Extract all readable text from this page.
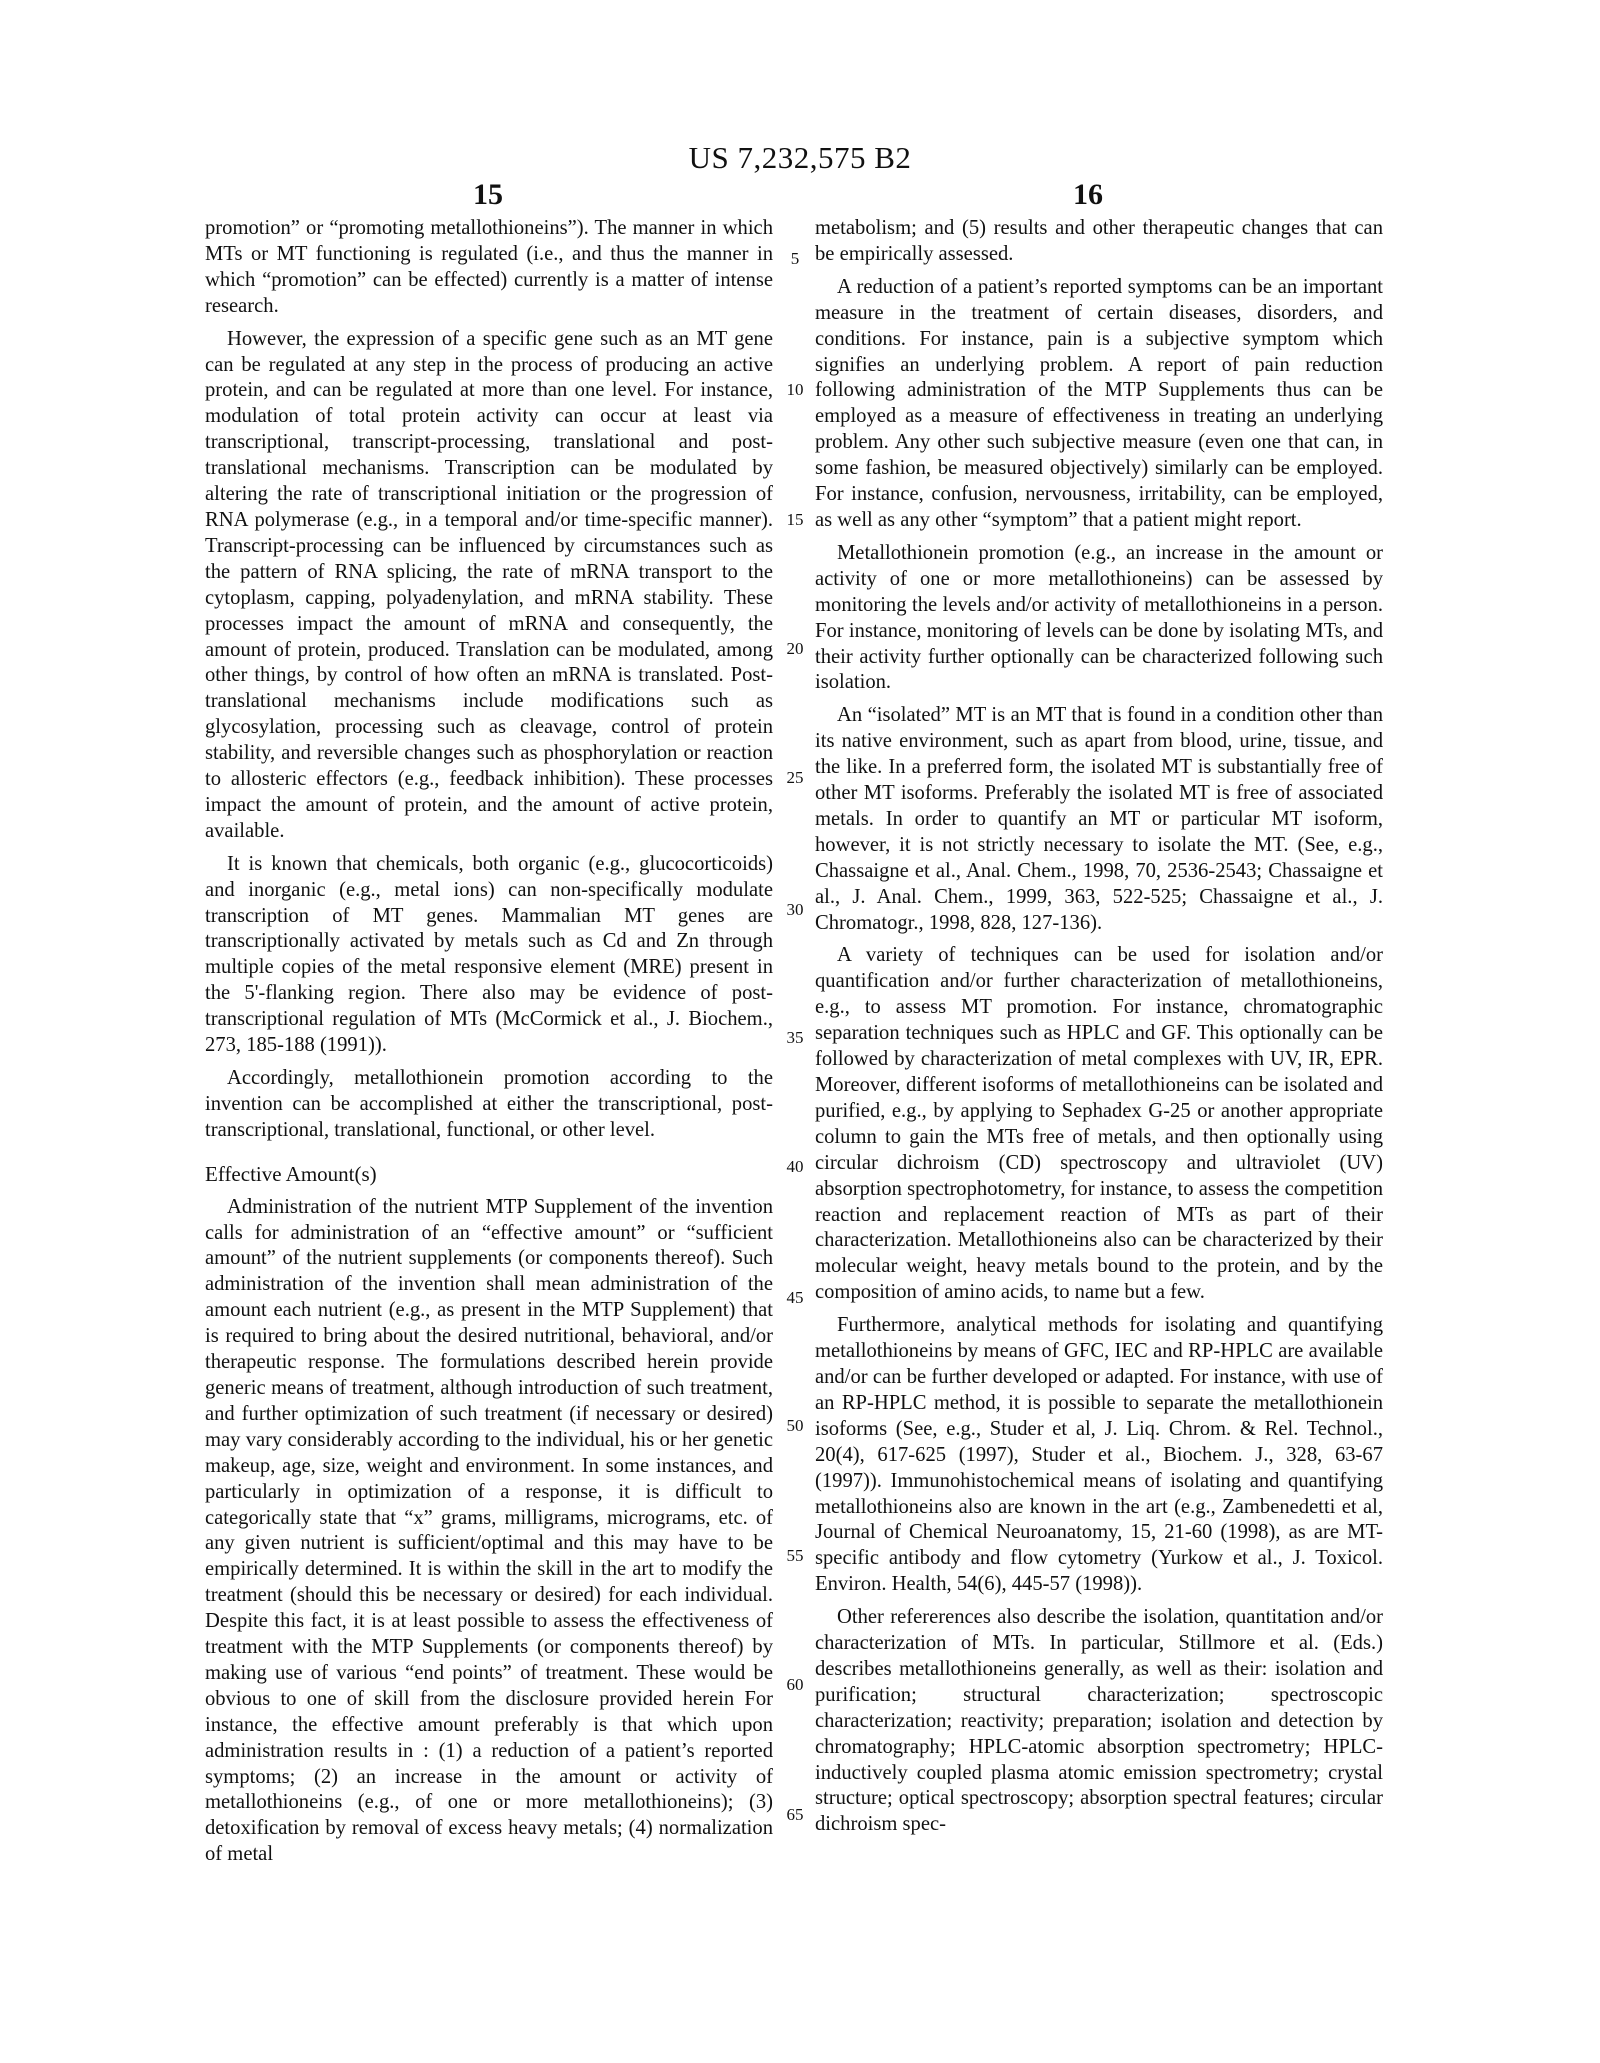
US 7,232,575 B2
15	16

promotion” or “promoting metallothioneins”). The manner in which MTs or MT functioning is regulated (i.e., and thus the manner in which “promotion” can be effected) currently is a matter of intense research.

However, the expression of a specific gene such as an MT gene can be regulated at any step in the process of producing an active protein, and can be regulated at more than one level. For instance, modulation of total protein activity can occur at least via transcriptional, transcript-processing, translational and post-translational mechanisms. Transcription can be modulated by altering the rate of transcriptional initiation or the progression of RNA polymerase (e.g., in a temporal and/or time-specific manner). Transcript-processing can be influenced by circumstances such as the pattern of RNA splicing, the rate of mRNA transport to the cytoplasm, capping, polyadenylation, and mRNA stability. These processes impact the amount of mRNA and consequently, the amount of protein, produced. Translation can be modulated, among other things, by control of how often an mRNA is translated. Post-translational mechanisms include modifications such as glycosylation, processing such as cleavage, control of protein stability, and reversible changes such as phosphorylation or reaction to allosteric effectors (e.g., feedback inhibition). These processes impact the amount of protein, and the amount of active protein, available.

It is known that chemicals, both organic (e.g., glucocorticoids) and inorganic (e.g., metal ions) can non-specifically modulate transcription of MT genes. Mammalian MT genes are transcriptionally activated by metals such as Cd and Zn through multiple copies of the metal responsive element (MRE) present in the 5'-flanking region. There also may be evidence of post-transcriptional regulation of MTs (McCormick et al., J. Biochem., 273, 185-188 (1991)).

Accordingly, metallothionein promotion according to the invention can be accomplished at either the transcriptional, post-transcriptional, translational, functional, or other level.

Effective Amount(s)

Administration of the nutrient MTP Supplement of the invention calls for administration of an “effective amount” or “sufficient amount” of the nutrient supplements (or components thereof). Such administration of the invention shall mean administration of the amount each nutrient (e.g., as present in the MTP Supplement) that is required to bring about the desired nutritional, behavioral, and/or therapeutic response. The formulations described herein provide generic means of treatment, although introduction of such treatment, and further optimization of such treatment (if necessary or desired) may vary considerably according to the individual, his or her genetic makeup, age, size, weight and environment. In some instances, and particularly in optimization of a response, it is difficult to categorically state that “x” grams, milligrams, micrograms, etc. of any given nutrient is sufficient/optimal and this may have to be empirically determined. It is within the skill in the art to modify the treatment (should this be necessary or desired) for each individual. Despite this fact, it is at least possible to assess the effectiveness of treatment with the MTP Supplements (or components thereof) by making use of various “end points” of treatment. These would be obvious to one of skill from the disclosure provided herein For instance, the effective amount preferably is that which upon administration results in : (1) a reduction of a patient’s reported symptoms; (2) an increase in the amount or activity of metallothioneins (e.g., of one or more metallothioneins); (3) detoxification by removal of excess heavy metals; (4) normalization of metal

5
10
15
20
25
30
35
40
45
50
55
60
65

metabolism; and (5) results and other therapeutic changes that can be empirically assessed.

A reduction of a patient’s reported symptoms can be an important measure in the treatment of certain diseases, disorders, and conditions. For instance, pain is a subjective symptom which signifies an underlying problem. A report of pain reduction following administration of the MTP Supplements thus can be employed as a measure of effectiveness in treating an underlying problem. Any other such subjective measure (even one that can, in some fashion, be measured objectively) similarly can be employed. For instance, confusion, nervousness, irritability, can be employed, as well as any other “symptom” that a patient might report.

Metallothionein promotion (e.g., an increase in the amount or activity of one or more metallothioneins) can be assessed by monitoring the levels and/or activity of metallothioneins in a person. For instance, monitoring of levels can be done by isolating MTs, and their activity further optionally can be characterized following such isolation.

An “isolated” MT is an MT that is found in a condition other than its native environment, such as apart from blood, urine, tissue, and the like. In a preferred form, the isolated MT is substantially free of other MT isoforms. Preferably the isolated MT is free of associated metals. In order to quantify an MT or particular MT isoform, however, it is not strictly necessary to isolate the MT. (See, e.g., Chassaigne et al., Anal. Chem., 1998, 70, 2536-2543; Chassaigne et al., J. Anal. Chem., 1999, 363, 522-525; Chassaigne et al., J. Chromatogr., 1998, 828, 127-136).

A variety of techniques can be used for isolation and/or quantification and/or further characterization of metallothioneins, e.g., to assess MT promotion. For instance, chromatographic separation techniques such as HPLC and GF. This optionally can be followed by characterization of metal complexes with UV, IR, EPR. Moreover, different isoforms of metallothioneins can be isolated and purified, e.g., by applying to Sephadex G-25 or another appropriate column to gain the MTs free of metals, and then optionally using circular dichroism (CD) spectroscopy and ultraviolet (UV) absorption spectrophotometry, for instance, to assess the competition reaction and replacement reaction of MTs as part of their characterization. Metallothioneins also can be characterized by their molecular weight, heavy metals bound to the protein, and by the composition of amino acids, to name but a few.

Furthermore, analytical methods for isolating and quantifying metallothioneins by means of GFC, IEC and RP-HPLC are available and/or can be further developed or adapted. For instance, with use of an RP-HPLC method, it is possible to separate the metallothionein isoforms (See, e.g., Studer et al, J. Liq. Chrom. & Rel. Technol., 20(4), 617-625 (1997), Studer et al., Biochem. J., 328, 63-67 (1997)). Immunohistochemical means of isolating and quantifying metallothioneins also are known in the art (e.g., Zambenedetti et al, Journal of Chemical Neuroanatomy, 15, 21-60 (1998), as are MT-specific antibody and flow cytometry (Yurkow et al., J. Toxicol. Environ. Health, 54(6), 445-57 (1998)).

Other refererences also describe the isolation, quantitation and/or characterization of MTs. In particular, Stillmore et al. (Eds.) describes metallothioneins generally, as well as their: isolation and purification; structural characterization; spectroscopic characterization; reactivity; preparation; isolation and detection by chromatography; HPLC-atomic absorption spectrometry; HPLC-inductively coupled plasma atomic emission spectrometry; crystal structure; optical spectroscopy; absorption spectral features; circular dichroism spec-
